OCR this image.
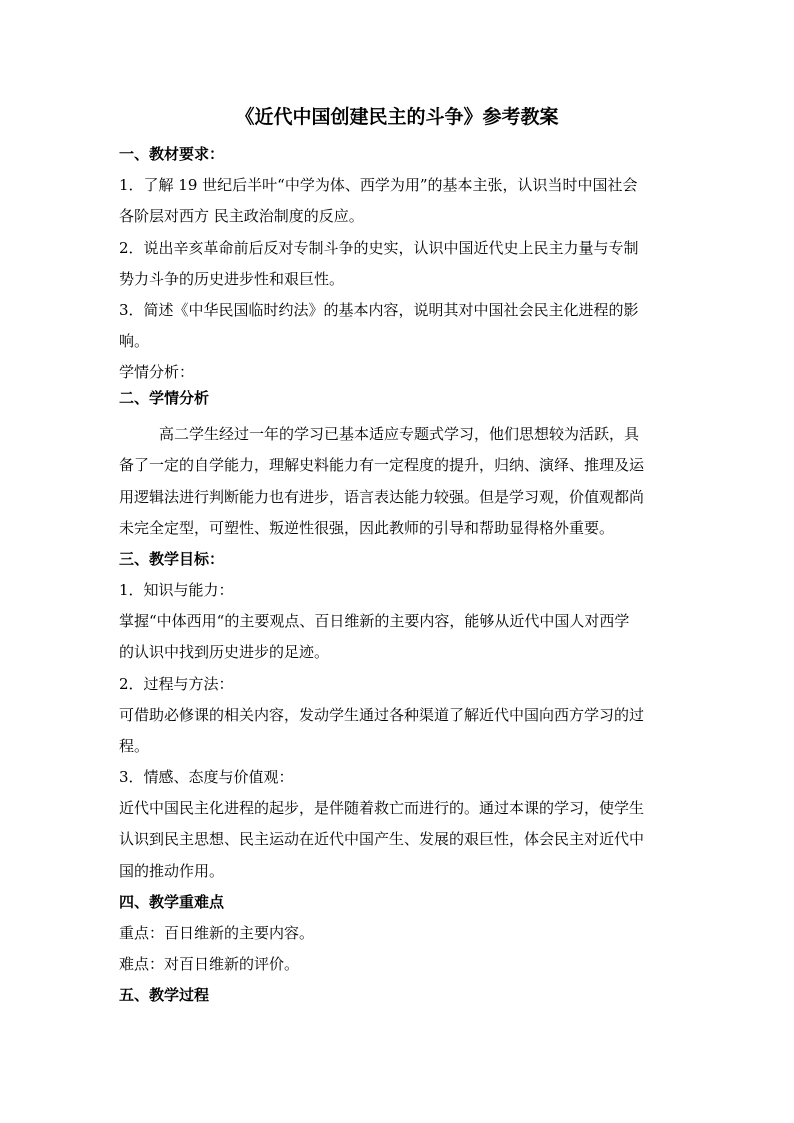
《近代中国创建民主的斗争》参考教案
一、教材要求：
1．了解 19 世纪后半叶“中学为体、西学为用”的基本主张，认识当时中国社会
各阶层对西方 民主政治制度的反应。
2．说出辛亥革命前后反对专制斗争的史实，认识中国近代史上民主力量与专制
势力斗争的历史进步性和艰巨性。
3．简述《中华民国临时约法》的基本内容，说明其对中国社会民主化进程的影
响。
学情分析：
二、学情分析
高二学生经过一年的学习已基本适应专题式学习，他们思想较为活跃，具
备了一定的自学能力，理解史料能力有一定程度的提升，归纳、演绎、推理及运
用逻辑法进行判断能力也有进步，语言表达能力较强。但是学习观，价值观都尚
未完全定型，可塑性、叛逆性很强，因此教师的引导和帮助显得格外重要。
三、教学目标：
1．知识与能力：
掌握“中体西用“的主要观点、百日维新的主要内容，能够从近代中国人对西学
的认识中找到历史进步的足迹。
2．过程与方法：
可借助必修课的相关内容，发动学生通过各种渠道了解近代中国向西方学习的过
程。
3．情感、态度与价值观：
近代中国民主化进程的起步，是伴随着救亡而进行的。通过本课的学习，使学生
认识到民主思想、民主运动在近代中国产生、发展的艰巨性，体会民主对近代中
国的推动作用。
四、教学重难点
重点：百日维新的主要内容。
难点：对百日维新的评价。
五、教学过程
